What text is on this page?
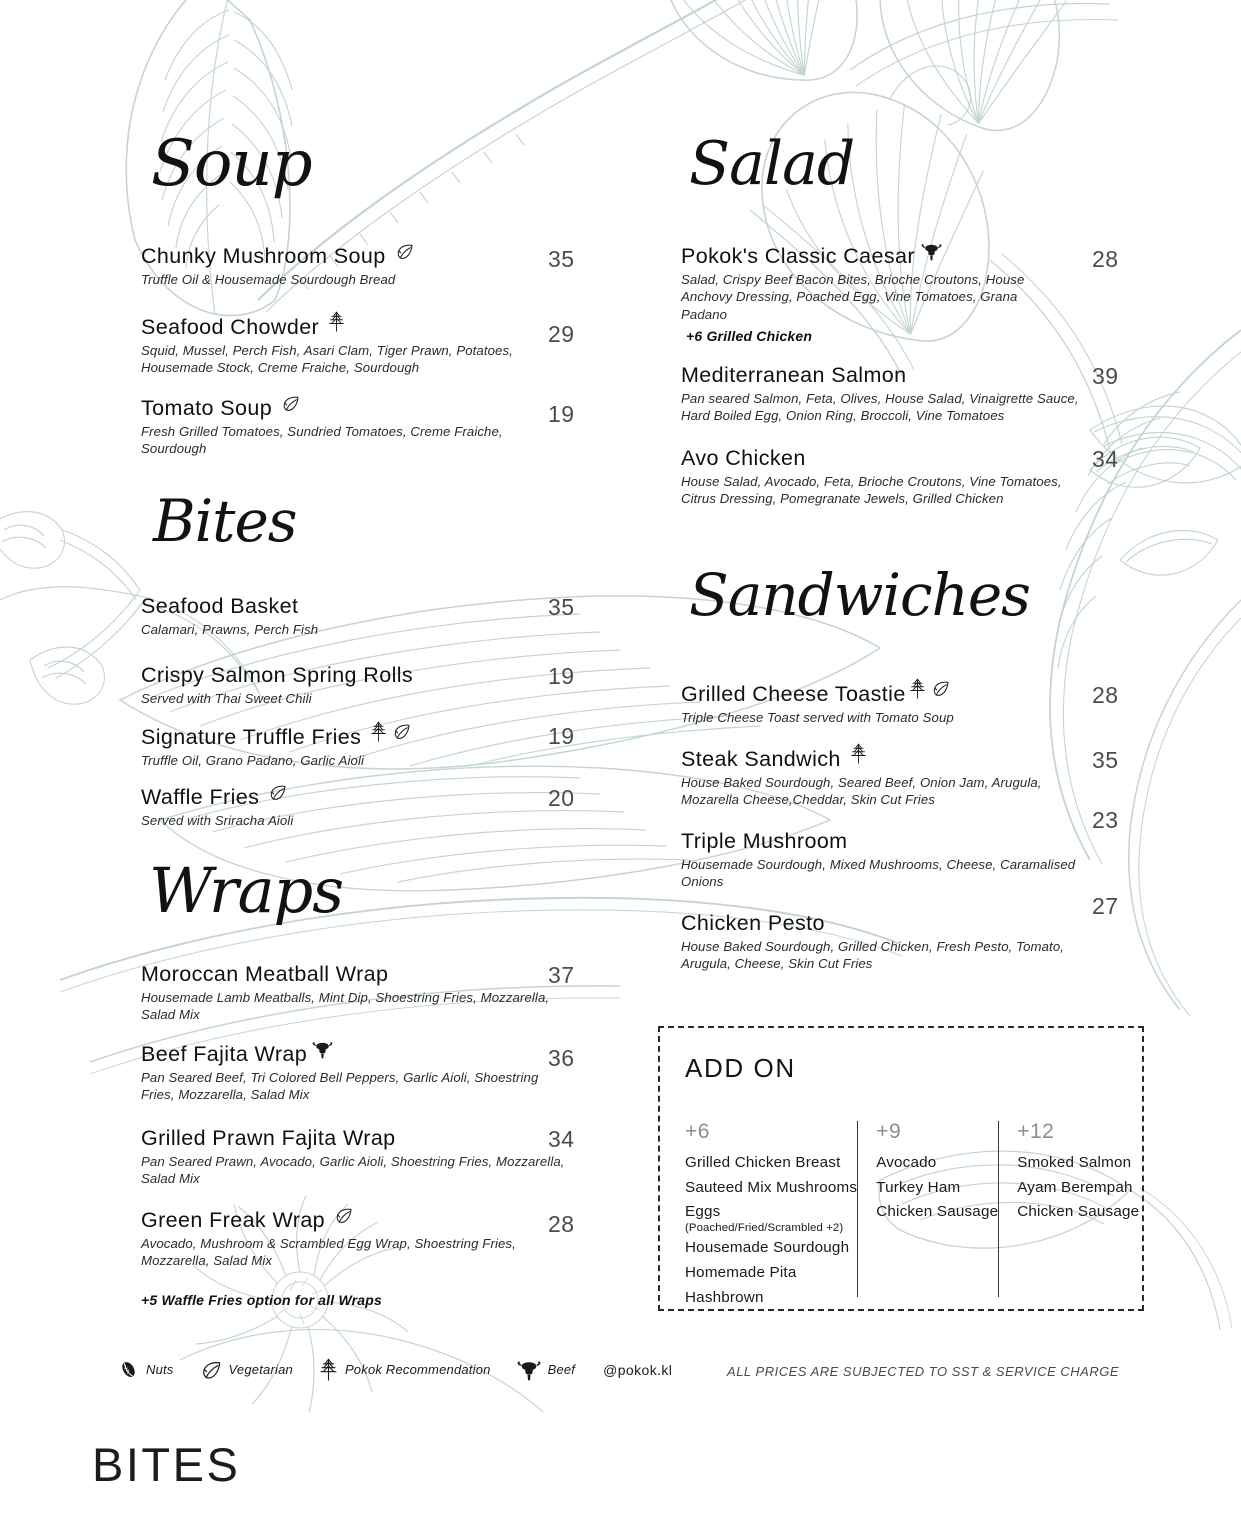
Soup
Chunky Mushroom Soup
Truffle Oil & Housemade Sourdough Bread
35
Seafood Chowder
Squid, Mussel, Perch Fish, Asari Clam, Tiger Prawn, Potatoes, Housemade Stock, Creme Fraiche, Sourdough
29
Tomato Soup
Fresh Grilled Tomatoes, Sundried Tomatoes, Creme Fraiche, Sourdough
19
Bites
Seafood Basket
Calamari, Prawns, Perch Fish
35
Crispy Salmon Spring Rolls
Served with Thai Sweet Chili
19
Signature Truffle Fries
Truffle Oil, Grano Padano, Garlic Aioli
19
Waffle Fries
Served with Sriracha Aioli
20
Wraps
Moroccan Meatball Wrap
Housemade Lamb Meatballs, Mint Dip, Shoestring Fries, Mozzarella, Salad Mix
37
Beef Fajita Wrap
Pan Seared Beef, Tri Colored Bell Peppers, Garlic Aioli, Shoestring Fries, Mozzarella, Salad Mix
36
Grilled Prawn Fajita Wrap
Pan Seared Prawn, Avocado, Garlic Aioli, Shoestring Fries, Mozzarella, Salad Mix
34
Green Freak Wrap
Avocado, Mushroom & Scrambled Egg Wrap, Shoestring Fries, Mozzarella, Salad Mix
28
+5 Waffle Fries option for all Wraps
Salad
Pokok's Classic Caesar
Salad, Crispy Beef Bacon Bites, Brioche Croutons, House Anchovy Dressing, Poached Egg, Vine Tomatoes, Grana Padano
+6 Grilled Chicken
28
Mediterranean Salmon
Pan seared Salmon, Feta, Olives, House Salad, Vinaigrette Sauce, Hard Boiled Egg, Onion Ring, Broccoli, Vine Tomatoes
39
Avo Chicken
House Salad, Avocado, Feta, Brioche Croutons, Vine Tomatoes, Citrus Dressing, Pomegranate Jewels, Grilled Chicken
34
Sandwiches
Grilled Cheese Toastie
Triple Cheese Toast served with Tomato Soup
28
Steak Sandwich
House Baked Sourdough, Seared Beef, Onion Jam, Arugula, Mozarella Cheese,Cheddar, Skin Cut Fries
35
Triple Mushroom
Housemade Sourdough, Mixed Mushrooms, Cheese, Caramalised Onions
23
Chicken Pesto
House Baked Sourdough, Grilled Chicken, Fresh Pesto, Tomato, Arugula, Cheese, Skin Cut Fries
27
ADD ON
+6
Grilled Chicken Breast
Sauteed Mix Mushrooms
Eggs
(Poached/Fried/Scrambled +2)
Housemade Sourdough
Homemade Pita
Hashbrown
+9
Avocado
Turkey Ham
Chicken Sausage
+12
Smoked Salmon
Ayam Berempah
Chicken Sausage
Nuts	Vegetarian	Pokok Recommendation	Beef @pokok.kl	ALL PRICES ARE SUBJECTED TO SST & SERVICE CHARGE
BITES
